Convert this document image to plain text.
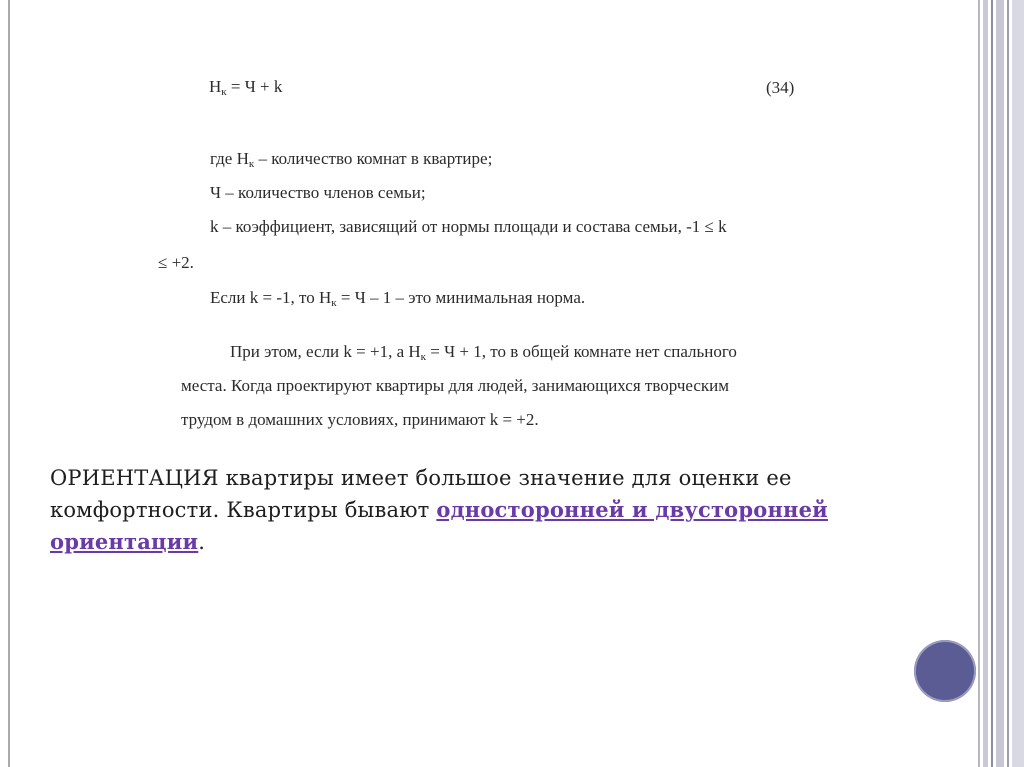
$Н_к = Ч + k$	(34)
где $Н_к$ – количество комнат в квартире;
Ч – количество членов семьи;
k – коэффициент, зависящий от нормы площади и состава семьи, -1 ≤ k
≤ +2.
Если k = -1, то $Н_к = Ч - 1$ – это минимальная норма.
При этом, если k = +1, а $Н_к = Ч + 1$, то в общей комнате нет спального
места. Когда проектируют квартиры для людей, занимающихся творческим
трудом в домашних условиях, принимают k = +2.
ОРИЕНТАЦИЯ квартиры имеет большое значение для оценки ее комфортности. Квартиры бывают односторонней и двусторонней ориентации.
